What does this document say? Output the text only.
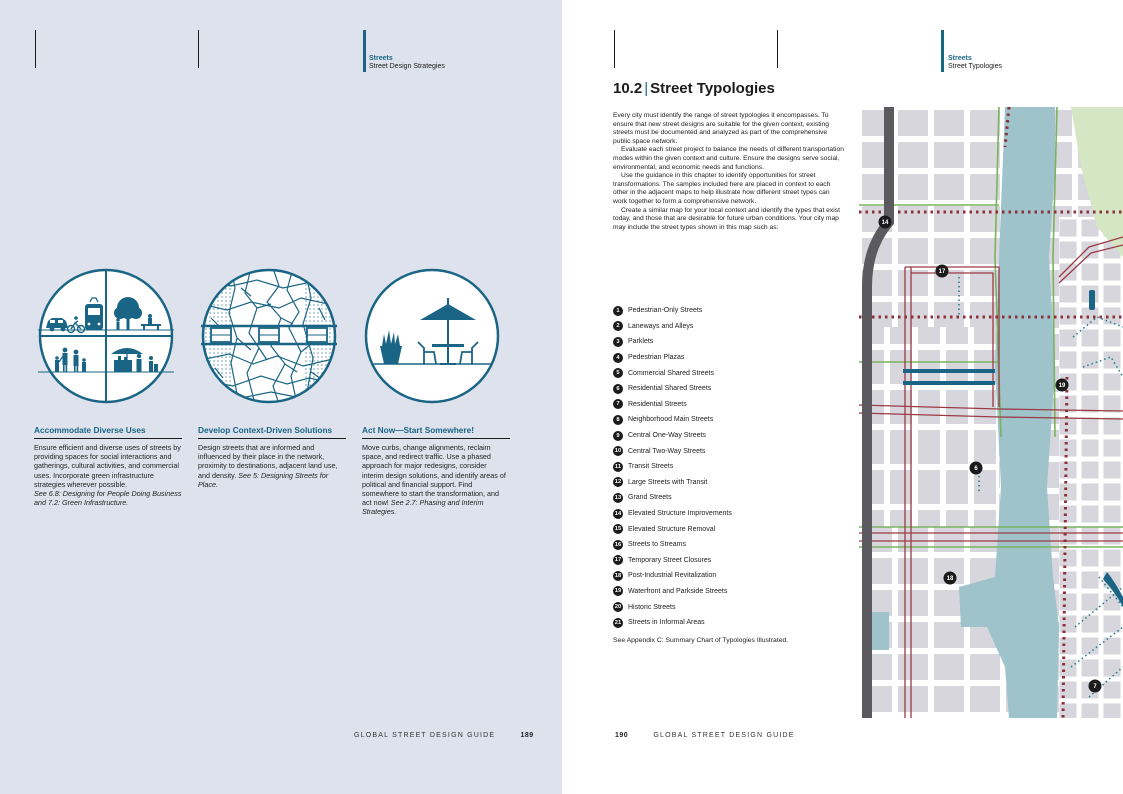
Streets
Street Design Strategies
Accommodate Diverse Uses

Ensure efficient and diverse uses of streets by providing spaces for social interactions and gatherings, cultural activities, and commercial uses. Incorporate green infrastructure strategies wherever possible.
See 6.8: Designing for People Doing Business and 7.2: Green Infrastructure.

Develop Context-Driven Solutions

Design streets that are informed and influenced by their place in the network, proximity to destinations, adjacent land use, and density. See 5: Designing Streets for Place.

Act Now—Start Somewhere!

Move curbs, change alignments, reclaim space, and redirect traffic. Use a phased approach for major redesigns, consider interim design solutions, and identify areas of political and financial support. Find somewhere to start the transformation, and act now! See 2.7: Phasing and Interim Strategies.

GLOBAL STREET DESIGN GUIDE	189
Streets
Street Typologies
10.2 | Street Typologies

Every city must identify the range of street typologies it encompasses. To ensure that new street designs are suitable for the given context, existing streets must be documented and analyzed as part of the comprehensive public space network.

Evaluate each street project to balance the needs of different transportation modes within the given context and culture. Ensure the designs serve social, environmental, and economic needs and functions.

Use the guidance in this chapter to identify opportunities for street transformations. The samples included here are placed in context to each other in the adjacent maps to help illustrate how different street types can work together to form a comprehensive network.

Create a similar map for your local context and identify the types that exist today, and those that are desirable for future urban conditions. Your city map may include the street types shown in this map such as:

1	Pedestrian-Only Streets
2	Laneways and Alleys
3	Parklets
4	Pedestrian Plazas
5	Commercial Shared Streets
6	Residential Shared Streets
7	Residential Streets
8	Neighborhood Main Streets
9	Central One-Way Streets
10 Central Two-Way Streets
11 Transit Streets
12 Large Streets with Transit
13 Grand Streets
14 Elevated Structure Improvements
15 Elevated Structure Removal
16 Streets to Streams
17 Temporary Street Closures
18 Post-Industrial Revitalization
19 Waterfront and Parkside Streets
20 Historic Streets
21 Streets in Informal Areas

See Appendix C: Summary Chart of Typologies Illustrated.

14
17
19
6
18
7
190	GLOBAL STREET DESIGN GUIDE
